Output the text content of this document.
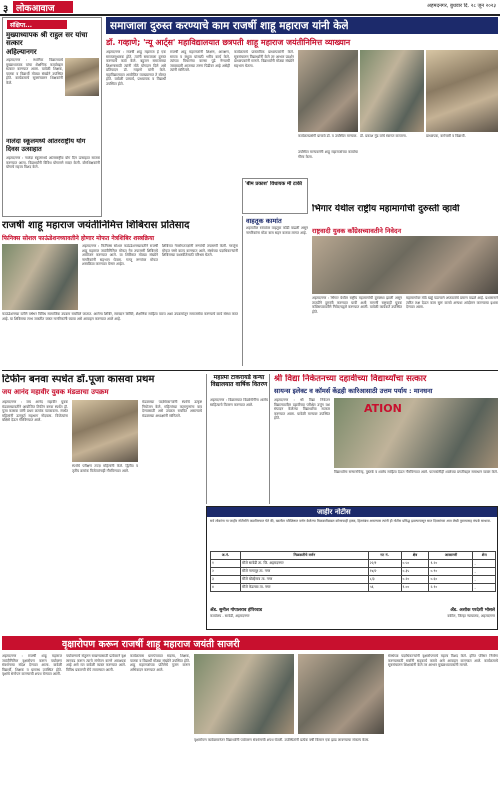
३ लोकआवाज	अहमदनगर, बुधवार दि. २८ जून २०२३
संक्षिप्त...
मुख्याध्यापक श्री राहुल सर यांचा सत्कार
अहिल्यानगर
अहमदनगर : स्थानिक विद्यालयाचे मुख्याध्यापक यांचा शैक्षणिक कार्याबद्दल सत्कार करण्यात आला. यावेळी शिक्षक, पालक व विद्यार्थी मोठ्या संख्येने उपस्थित होते. कार्यक्रमाचे सूत्रसंचालन शिक्षकांनी केले.
नालंदा स्कूलमध्ये आंतरराष्ट्रीय योग दिवस उत्साहात
अहमदनगर : नालंदा स्कूलमध्ये आंतरराष्ट्रीय योग दिन उत्साहात साजरा करण्यात आला. विद्यार्थ्यांनी विविध योगासने सादर केली. योगशिक्षकांनी योगाचे महत्त्व विशद केले.
समाजाला दुरुस्त करण्याचे काम राजर्षी शाहू महाराज यांनी केले
डॉ. गव्हाणे; 'न्यू आर्ट्स' महाविद्यालयात छत्रपती शाहू महाराज जयंतीनिमित्त व्याख्यान
अहमदनगर : राजर्षी शाहू महाराज हे एक समाजसुधारक होते. त्यांनी समाजाला दुरुस्त करण्याचे कार्य केले. बहुजन समाजाच्या शिक्षणासाठी त्यांनी मोठे योगदान दिले असे प्रतिपादन डॉ. गव्हाणे यांनी केले. महाविद्यालयात आयोजित व्याख्यानात ते बोलत होते. यावेळी प्राचार्य, प्राध्यापक व विद्यार्थी उपस्थित होते.
राजर्षी शाहू महाराजांनी शिक्षण, आरक्षण, समता व बंधुता यांसाठी भरीव कार्य केले. त्यांच्या विचारांचा वारसा पुढे नेण्याची जबाबदारी आजच्या तरुण पिढीवर आहे असेही त्यांनी सांगितले.
कार्यक्रमाचे प्रास्ताविक प्राध्यापकांनी केले. सूत्रसंचालन विद्यार्थ्यांनी केले तर आभार प्रदर्शन प्राध्यापकांनी मानले. विद्यार्थ्यांनी मोठ्या संख्येने सहभाग घेतला.
कार्यक्रमप्रसंगी प्राचार्य डॉ. व उपस्थित मान्यवर. डॉ. प्रकाश गुंड यांचे स्वागत करताना.	प्राध्यापक, कर्मचारी व विद्यार्थी.
उपस्थित मान्यवरांनी शाहू महाराजांच्या कार्याचा गौरव केला.
राजर्षी शाहू महाराज जयंतीनिमित्त शिबिरास प्रतिसाद
फिनिक्स सोशल फाऊंडेशनच्यावतीने होणार मोफत नेत्रशिबिर शस्त्रक्रिया
अहमदनगर : फिनिक्स सोशल फाऊंडेशनच्यावतीने राजर्षी शाहू महाराज जयंतीनिमित्त मोफत नेत्र तपासणी शिबिराचे आयोजन करण्यात आले. या शिबिरात मोठ्या संख्येने नागरिकांनी सहभाग घेतला. गरजू रुग्णांवर मोफत शस्त्रक्रिया करण्यात येणार आहेत.
शिबिरात नेत्ररोगतज्ज्ञांनी रुग्णांची तपासणी केली. गरजूंना मोफत चष्मे वाटप करण्यात आले. संस्थेच्या पदाधिकाऱ्यांनी शिबिराच्या यशस्वीतेसाठी परिश्रम घेतले.
फाऊंडेशनच्या वतीने वर्षभर विविध सामाजिक उपक्रम राबविले जातात. आरोग्य शिबिरे, रक्तदान शिबिरे, शैक्षणिक साहित्य वाटप अशा उपक्रमांतून समाजसेवा करण्याचे कार्य संस्था करत आहे. या शिबिराचा लाभ जास्तीत जास्त नागरिकांनी घ्यावा असे आवाहन करण्यात आले आहे.
वाहतूक कामांत
शहरातील रस्त्यांवर वाहतूक कोंडी वाढली असून नागरिकांना मोठा त्रास सहन करावा लागत आहे.
भिंगार येथील राष्ट्रीय महामार्गाची दुरुस्ती व्हावी
राष्ट्रवादी युवक काँग्रेसच्यावतीने निवेदन
'बीम प्रकाश' विधायक मी टाकी
अहमदनगर : भिंगार येथील राष्ट्रीय महामार्गाची दुरवस्था झाली असून तातडीने दुरुस्ती करण्यात यावी अशी मागणी राष्ट्रवादी युवक काँग्रेसच्यावतीने निवेदनाद्वारे करण्यात आली. यावेळी कार्यकर्ते उपस्थित होते.
महामार्गावर मोठे खड्डे पडल्याने अपघातांचे प्रमाण वाढले आहे. प्रशासनाने त्वरित लक्ष देऊन काम सुरू करावे अन्यथा आंदोलन करण्याचा इशारा देण्यात आला.
टिफीन बनवा स्पर्धेत डॉ.पूजा कासवा प्रथम
जय आनंद महावीर युवक मंडळाचा उपक्रम
अहमदनगर : जय आनंद महावीर युवक मंडळाच्यावतीने आयोजित टिफीन बनवा स्पर्धेत डॉ. पूजा कासवा यांनी प्रथम क्रमांक पटकावला. स्पर्धेत महिलांनी उत्स्फूर्त सहभाग नोंदवला. विजेत्यांना बक्षिसे देऊन गौरविण्यात आले.
स्पर्धेचे परीक्षण तज्ज्ञ महिलांनी केले. द्वितीय व तृतीय क्रमांक विजेत्यांनाही गौरविण्यात आले.
मंडळाच्या पदाधिकाऱ्यांनी स्पर्धेचे उत्कृष्ट नियोजन केले. महिलांच्या कलागुणांना वाव देण्यासाठी असे उपक्रम राबवित असल्याचे मंडळाच्या अध्यक्षांनी सांगितले.
महात्मा टाकरायडे कन्या विद्यालयात वार्षिक वितरण
अहमदनगर : विद्यालयात विद्यार्थिनींना शालेय साहित्याचे वितरण करण्यात आले.
श्री विद्या निकेतनच्या दहावीच्या विद्यार्थ्यांचा सत्कार
सायन्स इलेक्ट व कॉमर्स केंद्रही कारिआसाठी उत्तम पर्याय : मानधना
अहमदनगर : श्री विद्या निकेतन विद्यालयातील दहावीच्या परीक्षेत उत्तुंग यश संपादन केलेल्या विद्यार्थ्यांचा सत्कार करण्यात आला. यावेळी मान्यवर उपस्थित होते.
ATION
विद्यार्थ्यांना सन्मानचिन्ह, पुस्तके व शालेय साहित्य देऊन गौरविण्यात आले. पालकांनीही शाळेच्या प्रगतीबद्दल समाधान व्यक्त केले.
जाहीर नोटीस
सर्व लोकांना या जाहीर नोटीसीने कळविण्यात येते की, खालील परिशिष्टात वर्णन केलेल्या मिळकतीबाबत कोणाचाही हक्क, हितसंबंध असल्यास त्यांनी ही नोटीस प्रसिद्ध झाल्यापासून सात दिवसांच्या आत लेखी पुराव्यासह संपर्क साधावा.
अ.नं.	मिळकतीचे वर्णन	गट नं.	क्षेत्र	आकारणी	शेरा
१	मौजे सावेडी ता. जि. अहमदनगर	२२/१	०.५०	१.२०	-
२	मौजे नागापूर ता. नगर	१४/२	०.३५	०.९०	-
३	मौजे बोल्हेगाव ता. नगर	८/३	०.२०	०.६०	-
४	मौजे केडगाव ता. नगर	५६	१.००	२.१०	-
ॲड. सुनील गोपालराव हंपिरवाड
कार्यालय - सावेडी, अहमदनगर
ॲड. अशोक परदेशी भोसले
वकील, जिल्हा न्यायालय, अहमदनगर
वृक्षारोपण करून राजर्षी शाहू महाराज जयंती साजरी
अहमदनगर : राजर्षी शाहू महाराज जयंतीनिमित्त वृक्षारोपण करून पर्यावरण संवर्धनाचा संदेश देण्यात आला. यावेळी विद्यार्थी, शिक्षक व ग्रामस्थ उपस्थित होते. वृक्षांचे संगोपन करण्याची शपथ घेण्यात आली.
पर्यावरणाचे संतुलन राखण्यासाठी प्रत्येकाने वृक्ष लागवड करून त्याचे संगोपन करणे आवश्यक आहे असे मत यावेळी व्यक्त करण्यात आले. विविध प्रकारची रोपे लावण्यात आली.
कार्यक्रमास ग्रामपंचायत सदस्य, शिक्षक, पालक व विद्यार्थी मोठ्या संख्येने उपस्थित होते. शाहू महाराजांच्या प्रतिमेचे पूजन करून अभिवादन करण्यात आले.
वृक्षारोपण कार्यक्रमानंतर विद्यार्थ्यांनी पर्यावरण संवर्धनाची शपथ घेतली. उपस्थितांनी प्रत्येक वर्षी किमान एक झाड लावण्याचा संकल्प केला.
संस्थेच्या पदाधिकाऱ्यांनी वृक्षारोपणाचे महत्त्व विशद केले. हरित परिसर निर्माण करण्यासाठी सर्वांनी सहकार्य करावे असे आवाहन करण्यात आले. कार्यक्रमाचे सूत्रसंचालन शिक्षकांनी केले तर आभार मुख्याध्यापकांनी मानले.
